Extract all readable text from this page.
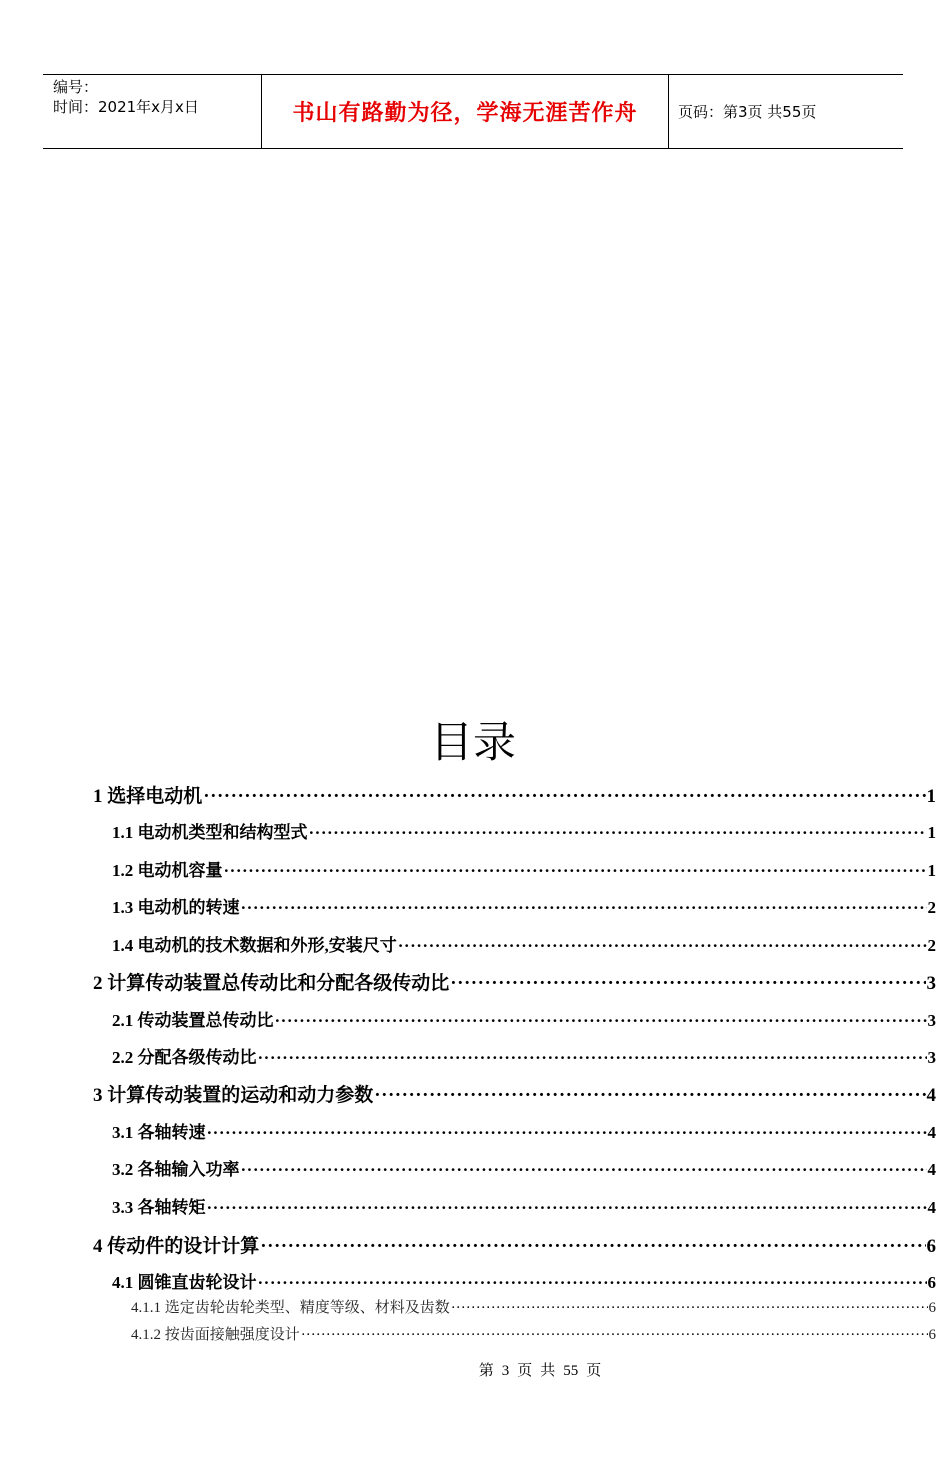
编号：
时间：2021年x月x日	书山有路勤为径，学海无涯苦作舟	页码：第3页 共55页
目录
1 选择电动机 ·····	1
1.1 电动机类型和结构型式 ·····	1
1.2 电动机容量 ·····	1
1.3 电动机的转速 ·····	2
1.4 电动机的技术数据和外形,安装尺寸 ·····	2
2 计算传动装置总传动比和分配各级传动比 ·····	3
2.1 传动装置总传动比 ·····	3
2.2 分配各级传动比 ·····	3
3 计算传动装置的运动和动力参数 ·····	4
3.1 各轴转速 ·····	4
3.2 各轴输入功率 ·····	4
3.3 各轴转矩 ·····	4
4 传动件的设计计算 ·····	6
4.1 圆锥直齿轮设计 ·····	6
4.1.1 选定齿轮齿轮类型、精度等级、材料及齿数 ·····	6
4.1.2 按齿面接触强度设计 ·····	6
第 3 页 共 55 页
